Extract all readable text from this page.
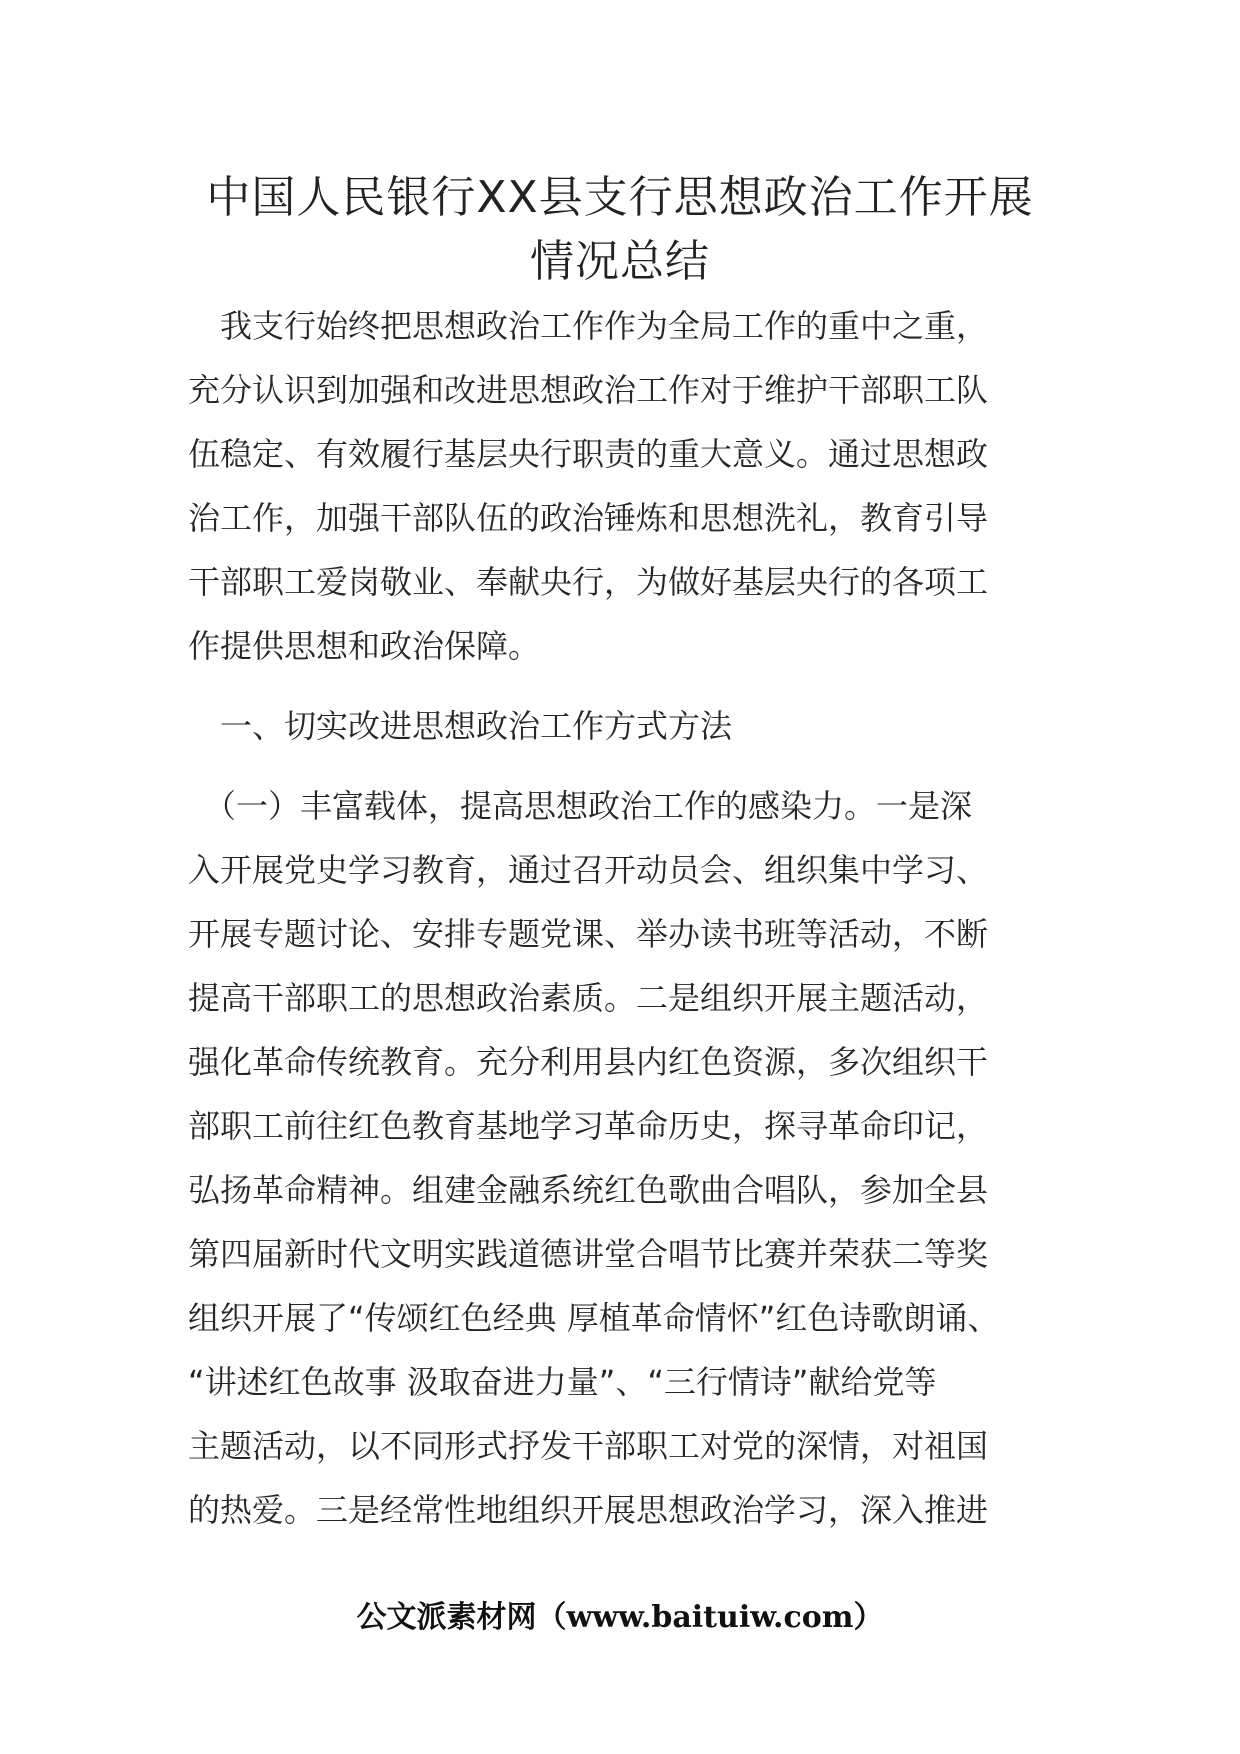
中国人民银行XX县支行思想政治工作开展
情况总结
　我支行始终把思想政治工作作为全局工作的重中之重，
充分认识到加强和改进思想政治工作对于维护干部职工队
伍稳定、有效履行基层央行职责的重大意义。通过思想政
治工作，加强干部队伍的政治锤炼和思想洗礼，教育引导
干部职工爱岗敬业、奉献央行，为做好基层央行的各项工
作提供思想和政治保障。
　一、切实改进思想政治工作方式方法
　（一）丰富载体，提高思想政治工作的感染力。一是深
入开展党史学习教育，通过召开动员会、组织集中学习、
开展专题讨论、安排专题党课、举办读书班等活动，不断
提高干部职工的思想政治素质。二是组织开展主题活动，
强化革命传统教育。充分利用县内红色资源，多次组织干
部职工前往红色教育基地学习革命历史，探寻革命印记，
弘扬革命精神。组建金融系统红色歌曲合唱队，参加全县
第四届新时代文明实践道德讲堂合唱节比赛并荣获二等奖
组织开展了“传颂红色经典 厚植革命情怀”红色诗歌朗诵、
“讲述红色故事 汲取奋进力量”、“三行情诗”献给党等
主题活动，以不同形式抒发干部职工对党的深情，对祖国
的热爱。三是经常性地组织开展思想政治学习，深入推进
公文派素材网（www.baituiw.com）
